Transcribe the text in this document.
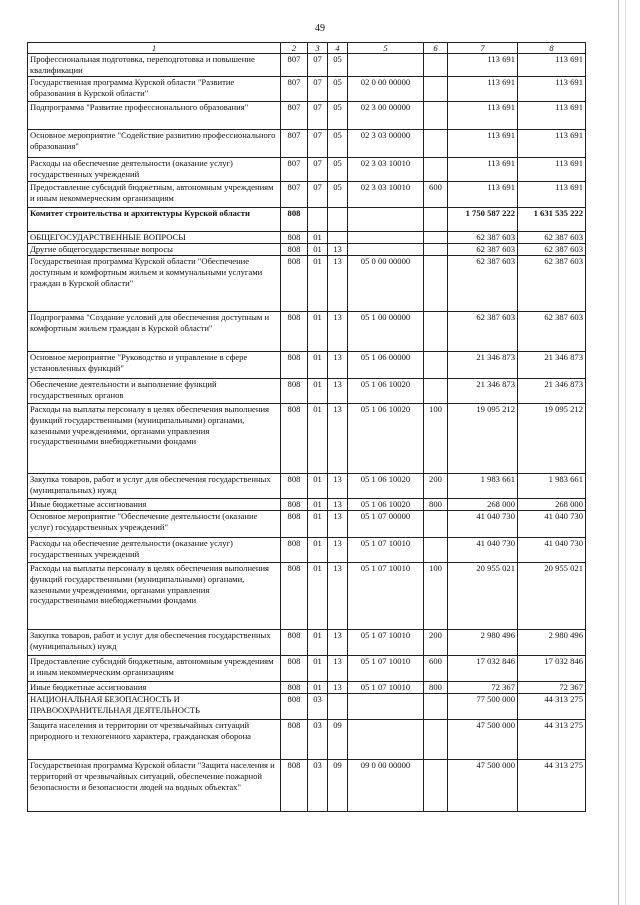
49
1	2	3	4	5	6	7	8
Профессиональная подготовка, переподготовка и повышение квалификации	807	07	05			113 691	113 691
Государственная программа Курской области "Развитие образования в Курской области"	807	07	05	02 0 00 00000		113 691	113 691
Подпрограмма "Развитие профессионального образования"	807	07	05	02 3 00 00000		113 691	113 691
Основное мероприятие "Содействие развитию профессионального образования"	807	07	05	02 3 03 00000		113 691	113 691
Расходы на обеспечение деятельности (оказание услуг) государственных учреждений	807	07	05	02 3 03 10010		113 691	113 691
Предоставление субсидий бюджетным, автономным учреждениям и иным некоммерческим организациям	807	07	05	02 3 03 10010	600	113 691	113 691
Комитет строительства и архитектуры Курской области	808					1 750 587 222	1 631 535 222
ОБЩЕГОСУДАРСТВЕННЫЕ ВОПРОСЫ	808	01				62 387 603	62 387 603
Другие общегосударственные вопросы	808	01	13			62 387 603	62 387 603
Государственная программа Курской области "Обеспечение доступным и комфортным жильем и коммунальными услугами граждан в Курской области"	808	01	13	05 0 00 00000		62 387 603	62 387 603
Подпрограмма "Создание условий для обеспечения доступным и комфортным жильем граждан в Курской области"	808	01	13	05 1 00 00000		62 387 603	62 387 603
Основное мероприятие "Руководство и управление в сфере установленных функций"	808	01	13	05 1 06 00000		21 346 873	21 346 873
Обеспечение деятельности и выполнение функций государственных органов	808	01	13	05 1 06 10020		21 346 873	21 346 873
Расходы на выплаты персоналу в целях обеспечения выполнения функций государственными (муниципальными) органами, казенными учреждениями, органами управления государственными внебюджетными фондами	808	01	13	05 1 06 10020	100	19 095 212	19 095 212
Закупка товаров, работ и услуг для обеспечения государственных (муниципальных) нужд	808	01	13	05 1 06 10020	200	1 983 661	1 983 661
Иные бюджетные ассигнования	808	01	13	05 1 06 10020	800	268 000	268 000
Основное мероприятие "Обеспечение деятельности (оказание услуг) государственных учреждений"	808	01	13	05 1 07 00000		41 040 730	41 040 730
Расходы на обеспечение деятельности (оказание услуг) государственных учреждений	808	01	13	05 1 07 10010		41 040 730	41 040 730
Расходы на выплаты персоналу в целях обеспечения выполнения функций государственными (муниципальными) органами, казенными учреждениями, органами управления государственными внебюджетными фондами	808	01	13	05 1 07 10010	100	20 955 021	20 955 021
Закупка товаров, работ и услуг для обеспечения государственных (муниципальных) нужд	808	01	13	05 1 07 10010	200	2 980 496	2 980 496
Предоставление субсидий бюджетным, автономным учреждениям и иным некоммерческим организациям	808	01	13	05 1 07 10010	600	17 032 846	17 032 846
Иные бюджетные ассигнования	808	01	13	05 1 07 10010	800	72 367	72 367
НАЦИОНАЛЬНАЯ БЕЗОПАСНОСТЬ И ПРАВООХРАНИТЕЛЬНАЯ ДЕЯТЕЛЬНОСТЬ	808	03				77 500 000	44 313 275
Защита населения и территории от чрезвычайных ситуаций природного и техногенного характера, гражданская оборона	808	03	09			47 500 000	44 313 275
Государственная программа Курской области "Защита населения и территорий от чрезвычайных ситуаций, обеспечение пожарной безопасности и безопасности людей на водных объектах"	808	03	09	09 0 00 00000		47 500 000	44 313 275
